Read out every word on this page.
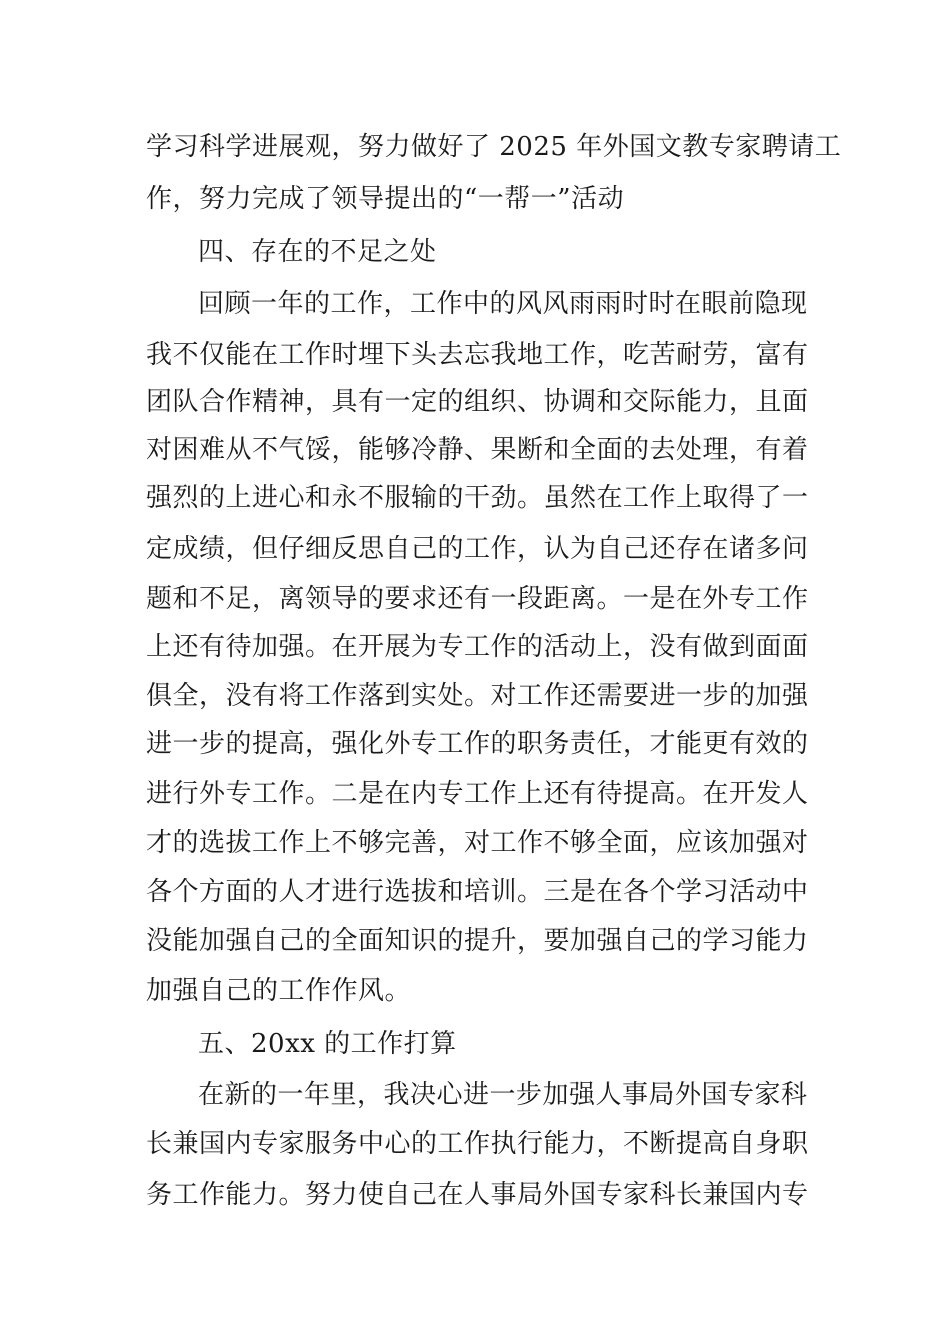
学习科学进展观，努力做好了 2025 年外国文教专家聘请工
作，努力完成了领导提出的“一帮一”活动
四、存在的不足之处
回顾一年的工作，工作中的风风雨雨时时在眼前隐现
我不仅能在工作时埋下头去忘我地工作，吃苦耐劳，富有
团队合作精神，具有一定的组织、协调和交际能力，且面
对困难从不气馁，能够冷静、果断和全面的去处理，有着
强烈的上进心和永不服输的干劲。虽然在工作上取得了一
定成绩，但仔细反思自己的工作，认为自己还存在诸多问
题和不足，离领导的要求还有一段距离。一是在外专工作
上还有待加强。在开展为专工作的活动上，没有做到面面
俱全，没有将工作落到实处。对工作还需要进一步的加强
进一步的提高，强化外专工作的职务责任，才能更有效的
进行外专工作。二是在内专工作上还有待提高。在开发人
才的选拔工作上不够完善，对工作不够全面，应该加强对
各个方面的人才进行选拔和培训。三是在各个学习活动中
没能加强自己的全面知识的提升，要加强自己的学习能力
加强自己的工作作风。
五、20xx 的工作打算
在新的一年里，我决心进一步加强人事局外国专家科
长兼国内专家服务中心的工作执行能力，不断提高自身职
务工作能力。努力使自己在人事局外国专家科长兼国内专
